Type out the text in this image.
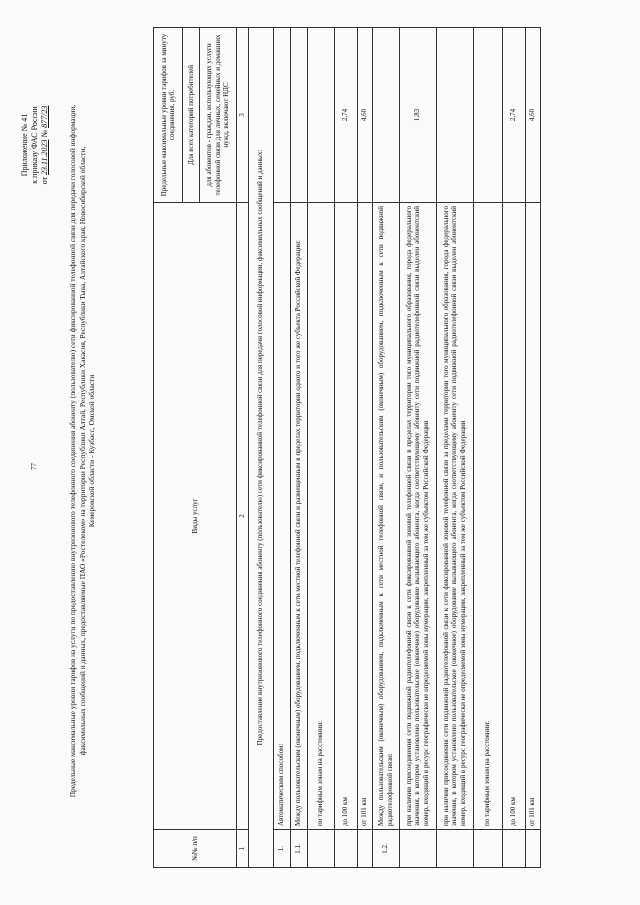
77
Приложение № 41 к приказу ФАС России от 23.11.2023 № 877/23	Предельные максимальные уровни тарифов на услуги по предоставлению внутризонового телефонного соединения абоненту (пользователю) сети фиксированной телефонной связи для передачи голосовой информации, факсимильных сообщений и данных, предоставляемые ПАО «Ростелеком» на территории Республики Алтай, Республики Хакасия, Республики Тыва, Алтайского края, Новосибирской области, Кемеровской области - Кузбасс, Омской области
№№ п/п	Виды услуг	Предельные максимальные уровни тарифов за минуту соединения, руб.
		Для всех категорий потребителей
		для абонентов - граждан, использующих услуги телефонной связи для личных, семейных и домашних нужд, включают НДС
1	2	3
Предоставление внутризонового телефонного соединения абоненту (пользователю) сети фиксированной телефонной связи для передачи голосовой информации, факсимильных сообщений и данных:		
1.	Автоматическим способом:	
1.1.	Между пользовательским (оконечным) оборудованием, подключенным к сети местной телефонной связи и размещенным в пределах территории одного и того же субъекта Российской Федерации:	
	по тарифным зонам на расстоянии:	
	до 100 км	2,74
	от 101 км	4,60
1.2.	Между пользовательским (оконечным) оборудованием, подключенным к сети местной телефонной связи, и пользовательским (оконечным) оборудованием, подключенным к сети подвижной радиотелефонной связи:	
	при наличии присоединения сети подвижной радиотелефонной связи к сети фиксированной зоновой телефонной связи в пределах территории того муниципального образования, города федерального значения, в котором установлено пользовательское (оконечное) оборудование вызывающего абонента, когда соответствующему абоненту сети подвижной радиотелефонной связи выделен абонентский номер, входящий в ресурс географически не определяемой зоны нумерации, закрепленный за тем же субъектом Российской Федерации	1,83
	при наличии присоединения сети подвижной радиотелефонной связи к сети фиксированной зоновой телефонной связи за пределами территории того муниципального образования, города федерального значения, в котором установлено пользовательское (оконечное) оборудование вызывающего абонента, когда соответствующему абоненту сети подвижной радиотелефонной связи выделен абонентский номер, входящий в ресурс географически не определяемой зоны нумерации, закрепленный за тем же субъектом Российской Федерации	
	по тарифным зонам на расстоянии:	
	до 100 км	2,74
	от 101 км	4,60
